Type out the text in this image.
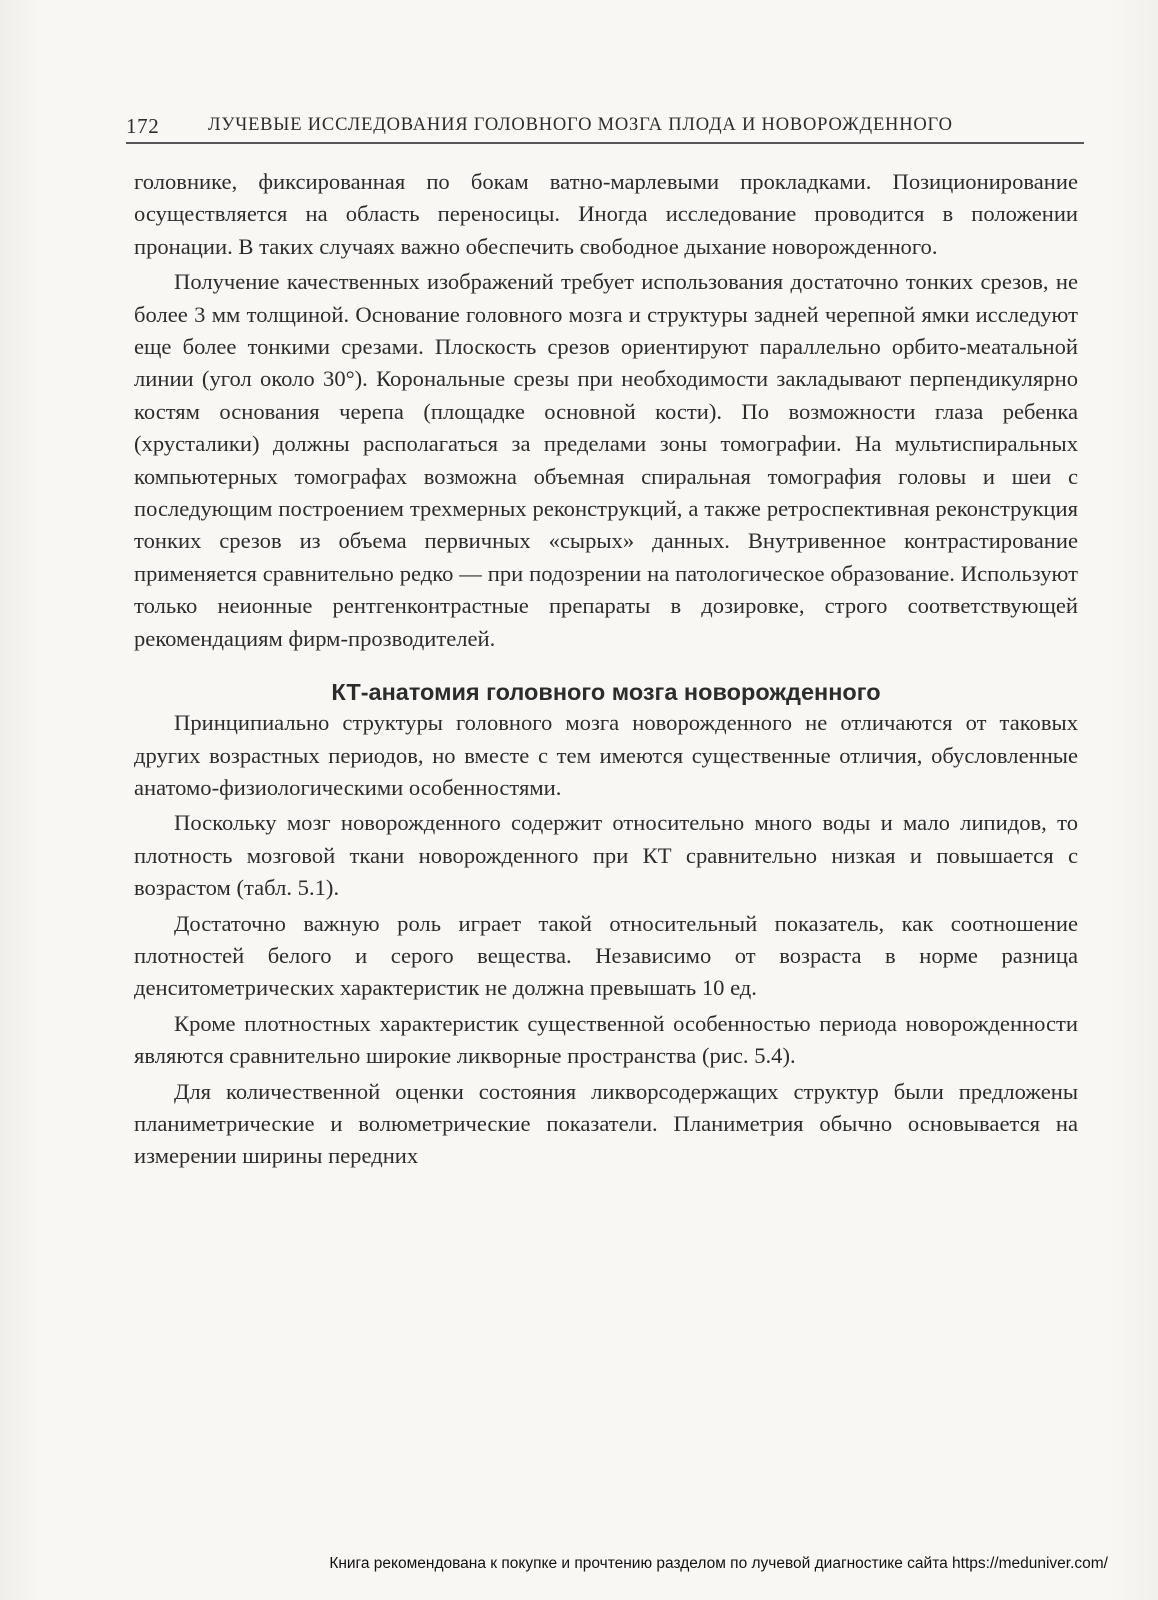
172	ЛУЧЕВЫЕ ИССЛЕДОВАНИЯ ГОЛОВНОГО МОЗГА ПЛОДА И НОВОРОЖДЕННОГО

головнике, фиксированная по бокам ватно-марлевыми прокладками. Позиционирование осуществляется на область переносицы. Иногда исследование проводится в положении пронации. В таких случаях важно обеспечить свободное дыхание новорожденного.

Получение качественных изображений требует использования достаточно тонких срезов, не более 3 мм толщиной. Основание головного мозга и структуры задней черепной ямки исследуют еще более тонкими срезами. Плоскость срезов ориентируют параллельно орбито-меатальной линии (угол около 30°). Корональные срезы при необходимости закладывают перпендикулярно костям основания черепа (площадке основной кости). По возможности глаза ребенка (хрусталики) должны располагаться за пределами зоны томографии. На мультиспиральных компьютерных томографах возможна объемная спиральная томография головы и шеи с последующим построением трехмерных реконструкций, а также ретроспективная реконструкция тонких срезов из объема первичных «сырых» данных. Внутривенное контрастирование применяется сравнительно редко — при подозрении на патологическое образование. Используют только неионные рентгенконтрастные препараты в дозировке, строго соответствующей рекомендациям фирм-прозводителей.

КТ-анатомия головного мозга новорожденного

Принципиально структуры головного мозга новорожденного не отличаются от таковых других возрастных периодов, но вместе с тем имеются существенные отличия, обусловленные анатомо-физиологическими особенностями.

Поскольку мозг новорожденного содержит относительно много воды и мало липидов, то плотность мозговой ткани новорожденного при КТ сравнительно низкая и повышается с возрастом (табл. 5.1).

Достаточно важную роль играет такой относительный показатель, как соотношение плотностей белого и серого вещества. Независимо от возраста в норме разница денситометрических характеристик не должна превышать 10 ед.

Кроме плотностных характеристик существенной особенностью периода новорожденности являются сравнительно широкие ликворные пространства (рис. 5.4).

Для количественной оценки состояния ликворсодержащих структур были предложены планиметрические и волюметрические показатели. Планиметрия обычно основывается на измерении ширины передних

Книга рекомендована к покупке и прочтению разделом по лучевой диагностике сайта https://meduniver.com/
